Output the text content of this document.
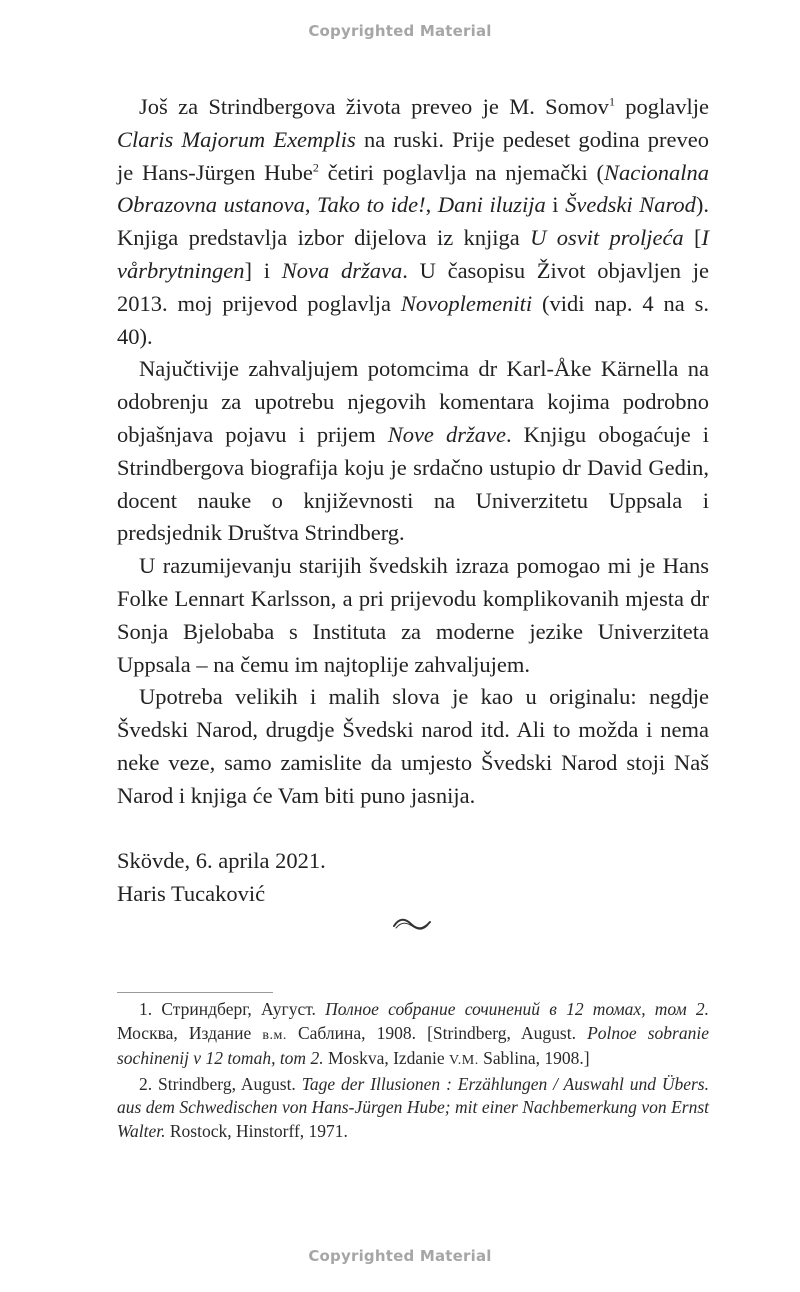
Copyrighted Material

Još za Strindbergova života preveo je M. Somov$^1$ poglavlje Claris Majorum Exemplis na ruski. Prije pedeset godina preveo je Hans-Jürgen Hube$^2$ četiri poglavlja na njemački (Nacionalna Obrazovna ustanova, Tako to ide!, Dani iluzija i Švedski Narod). Knjiga predstavlja izbor dijelova iz knjiga U osvit proljeća [I vårbrytningen] i Nova država. U časopisu Život objavljen je 2013. moj prijevod poglavlja Novoplemeniti (vidi nap. 4 na s. 40).

Najučtivije zahvaljujem potomcima dr Karl-Åke Kärnella na odobrenju za upotrebu njegovih komentara kojima podrobno objašnjava pojavu i prijem Nove države. Knjigu obogaćuje i Strindbergova biografija koju je srdačno ustupio dr David Gedin, docent nauke o književnosti na Univerzitetu Uppsala i predsjednik Društva Strindberg.

U razumijevanju starijih švedskih izraza pomogao mi je Hans Folke Lennart Karlsson, a pri prijevodu komplikovanih mjesta dr Sonja Bjelobaba s Instituta za moderne jezike Univerziteta Uppsala – na čemu im najtoplije zahvaljujem.

Upotreba velikih i malih slova je kao u originalu: negdje Švedski Narod, drugdje Švedski narod itd. Ali to možda i nema neke veze, samo zamislite da umjesto Švedski Narod stoji Naš Narod i knjiga će Vam biti puno jasnija.

Skövde, 6. aprila 2021.
Haris Tucaković

1. Стриндберг, Аугуст. Полное собрание сочинений в 12 томах, том 2. Москва, Издание в.м. Саблина, 1908. [Strindberg, August. Polnoe sobranie sochinenij v 12 tomah, tom 2. Moskva, Izdanie V.M. Sablina, 1908.]

2. Strindberg, August. Tage der Illusionen : Erzählungen / Auswahl und Übers. aus dem Schwedischen von Hans-Jürgen Hube; mit einer Nachbemerkung von Ernst Walter. Rostock, Hinstorff, 1971.

Copyrighted Material
